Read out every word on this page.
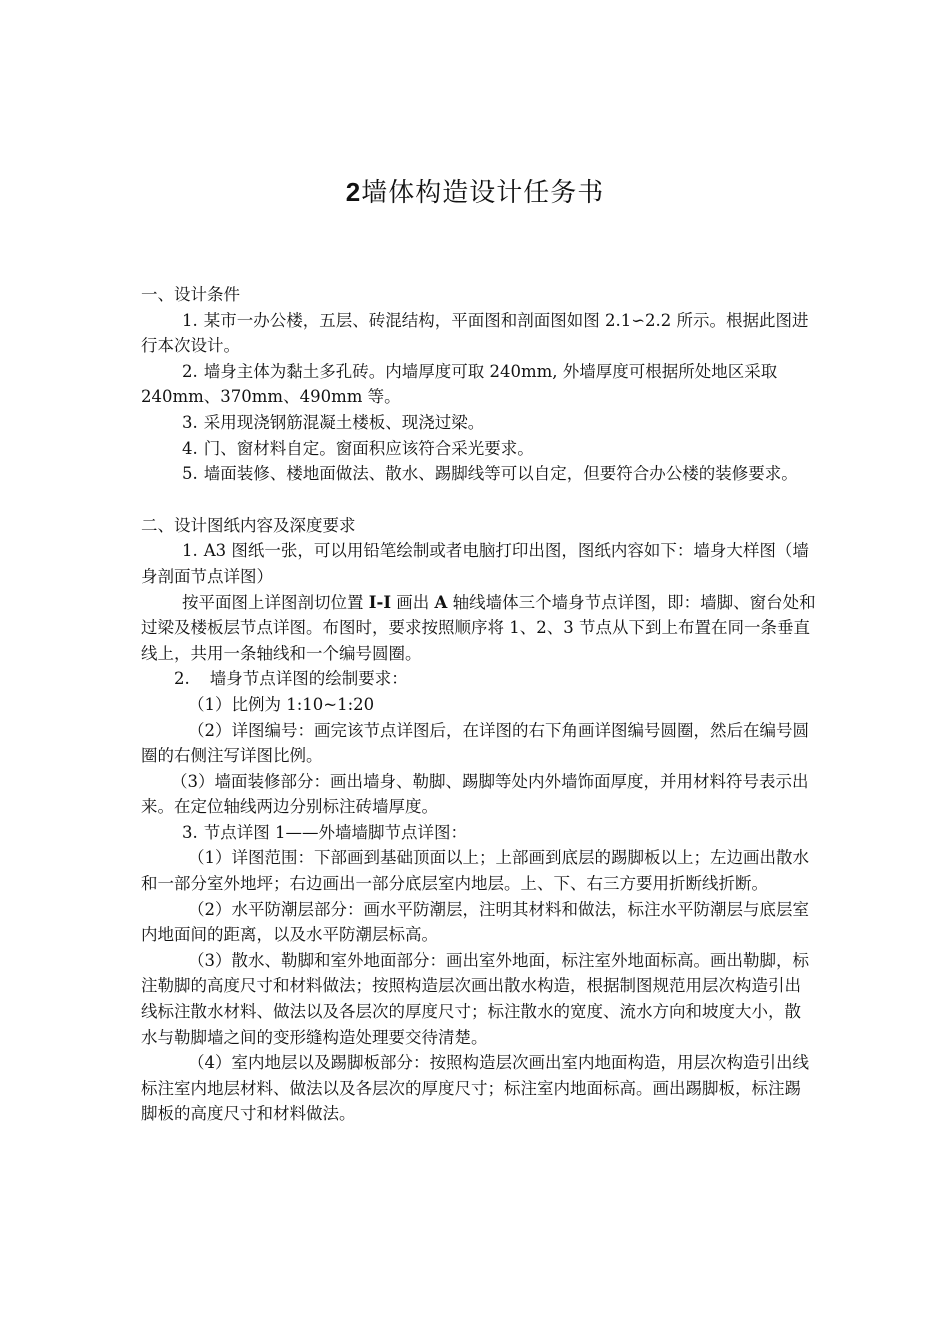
2墙体构造设计任务书

一、设计条件

1. 某市一办公楼，五层、砖混结构，平面图和剖面图如图 2.1∽2.2 所示。根据此图进行本次设计。

2. 墙身主体为黏土多孔砖。内墙厚度可取 240mm, 外墙厚度可根据所处地区采取 240mm、370mm、490mm 等。

3. 采用现浇钢筋混凝土楼板、现浇过梁。

4. 门、窗材料自定。窗面积应该符合采光要求。

5. 墙面装修、楼地面做法、散水、踢脚线等可以自定，但要符合办公楼的装修要求。

二、设计图纸内容及深度要求

1. A3 图纸一张，可以用铅笔绘制或者电脑打印出图，图纸内容如下：墙身大样图（墙身剖面节点详图）

按平面图上详图剖切位置 I-I 画出 A 轴线墙体三个墙身节点详图，即：墙脚、窗台处和过梁及楼板层节点详图。布图时，要求按照顺序将 1、2、3 节点从下到上布置在同一条垂直线上，共用一条轴线和一个编号圆圈。

2. 墙身节点详图的绘制要求：

（1）比例为 1:10~1:20

（2）详图编号：画完该节点详图后，在详图的右下角画详图编号圆圈，然后在编号圆圈的右侧注写详图比例。

（3）墙面装修部分：画出墙身、勒脚、踢脚等处内外墙饰面厚度，并用材料符号表示出来。在定位轴线两边分别标注砖墙厚度。

3. 节点详图 1——外墙墙脚节点详图：

（1）详图范围：下部画到基础顶面以上；上部画到底层的踢脚板以上；左边画出散水和一部分室外地坪；右边画出一部分底层室内地层。上、下、右三方要用折断线折断。

（2）水平防潮层部分：画水平防潮层，注明其材料和做法，标注水平防潮层与底层室内地面间的距离，以及水平防潮层标高。

（3）散水、勒脚和室外地面部分：画出室外地面，标注室外地面标高。画出勒脚，标注勒脚的高度尺寸和材料做法；按照构造层次画出散水构造，根据制图规范用层次构造引出线标注散水材料、做法以及各层次的厚度尺寸；标注散水的宽度、流水方向和坡度大小，散水与勒脚墙之间的变形缝构造处理要交待清楚。

（4）室内地层以及踢脚板部分：按照构造层次画出室内地面构造，用层次构造引出线标注室内地层材料、做法以及各层次的厚度尺寸；标注室内地面标高。画出踢脚板，标注踢脚板的高度尺寸和材料做法。
